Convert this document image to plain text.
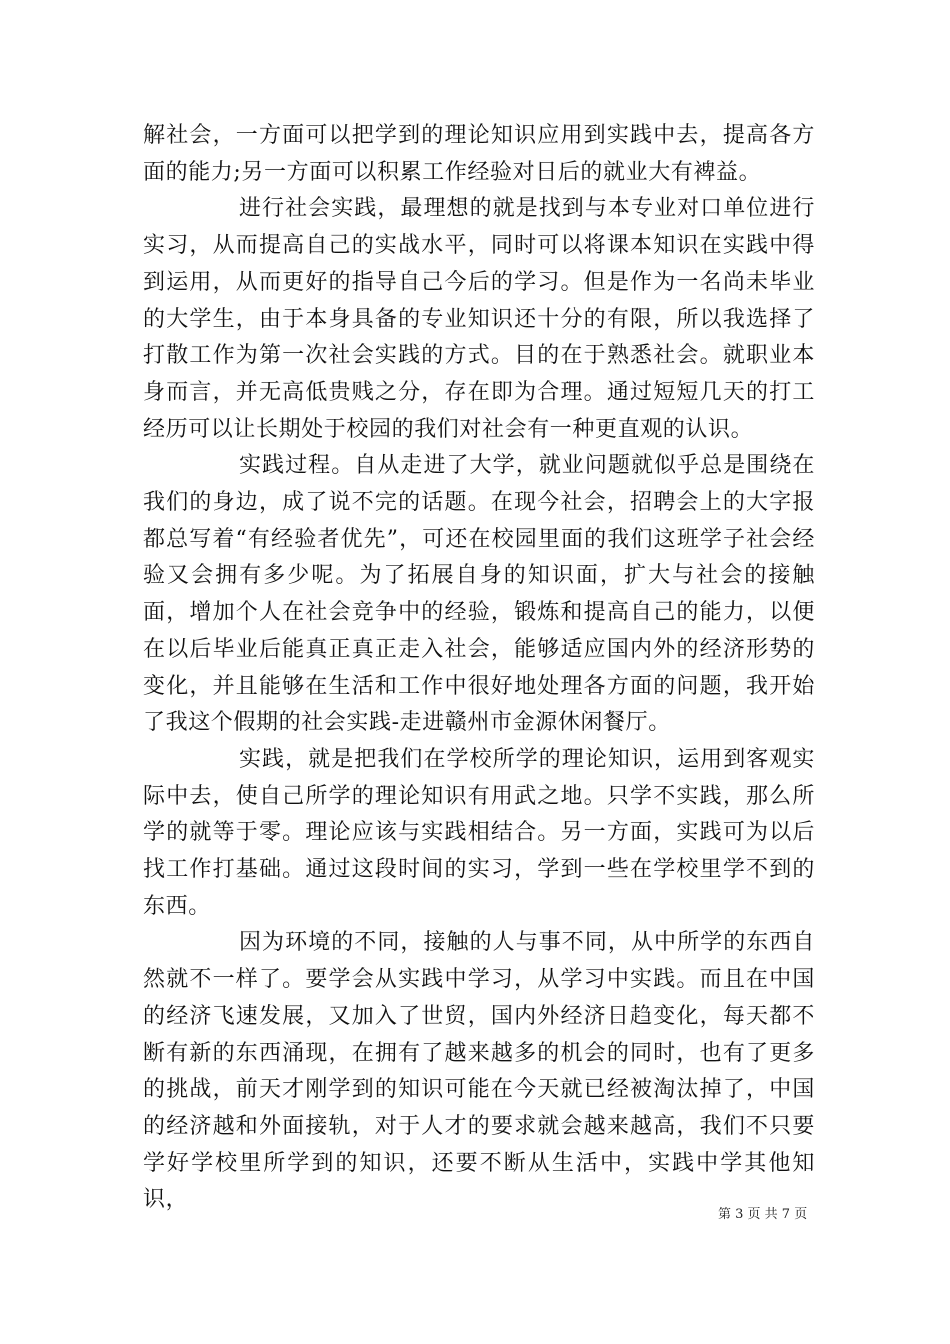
解社会，一方面可以把学到的理论知识应用到实践中去，提高各方面的能力;另一方面可以积累工作经验对日后的就业大有裨益。

进行社会实践，最理想的就是找到与本专业对口单位进行实习，从而提高自己的实战水平，同时可以将课本知识在实践中得到运用，从而更好的指导自己今后的学习。但是作为一名尚未毕业的大学生，由于本身具备的专业知识还十分的有限，所以我选择了打散工作为第一次社会实践的方式。目的在于熟悉社会。就职业本身而言，并无高低贵贱之分，存在即为合理。通过短短几天的打工经历可以让长期处于校园的我们对社会有一种更直观的认识。

实践过程。自从走进了大学，就业问题就似乎总是围绕在我们的身边，成了说不完的话题。在现今社会，招聘会上的大字报都总写着“有经验者优先”，可还在校园里面的我们这班学子社会经验又会拥有多少呢。为了拓展自身的知识面，扩大与社会的接触面，增加个人在社会竞争中的经验，锻炼和提高自己的能力，以便在以后毕业后能真正真正走入社会，能够适应国内外的经济形势的变化，并且能够在生活和工作中很好地处理各方面的问题，我开始了我这个假期的社会实践-走进赣州市金源休闲餐厅。

实践，就是把我们在学校所学的理论知识，运用到客观实际中去，使自己所学的理论知识有用武之地。只学不实践，那么所学的就等于零。理论应该与实践相结合。另一方面，实践可为以后找工作打基础。通过这段时间的实习，学到一些在学校里学不到的东西。

因为环境的不同，接触的人与事不同，从中所学的东西自然就不一样了。要学会从实践中学习，从学习中实践。而且在中国的经济飞速发展，又加入了世贸，国内外经济日趋变化，每天都不断有新的东西涌现，在拥有了越来越多的机会的同时，也有了更多的挑战，前天才刚学到的知识可能在今天就已经被淘汰掉了，中国的经济越和外面接轨，对于人才的要求就会越来越高，我们不只要学好学校里所学到的知识，还要不断从生活中，实践中学其他知识，

第 3 页 共 7 页
